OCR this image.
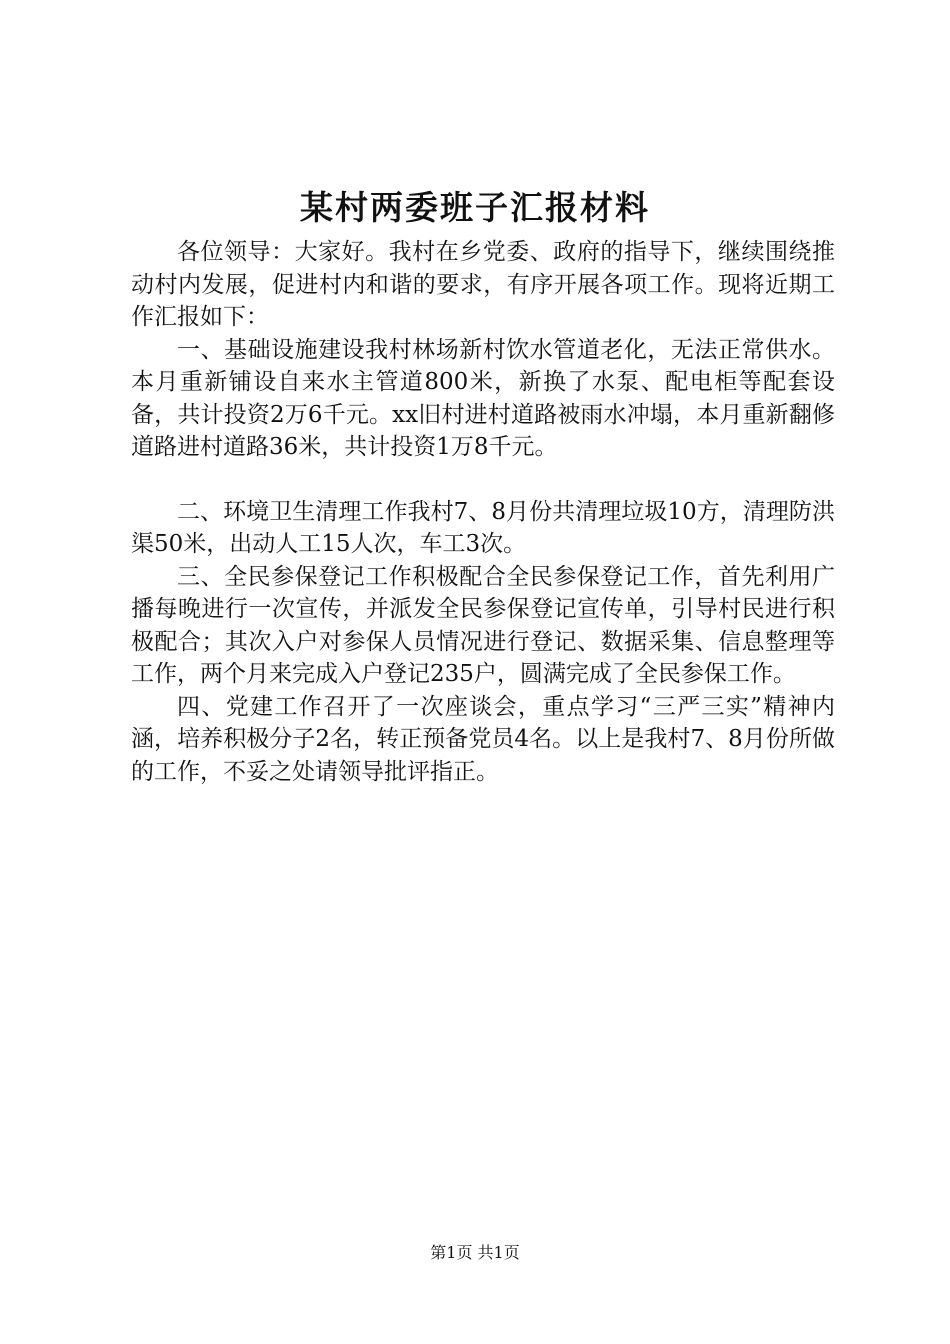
某村两委班子汇报材料

各位领导：大家好。我村在乡党委、政府的指导下，继续围绕推动村内发展，促进村内和谐的要求，有序开展各项工作。现将近期工作汇报如下：

一、基础设施建设我村林场新村饮水管道老化，无法正常供水。本月重新铺设自来水主管道800米，新换了水泵、配电柜等配套设备，共计投资2万6千元。xx旧村进村道路被雨水冲塌，本月重新翻修道路进村道路36米，共计投资1万8千元。

二、环境卫生清理工作我村7、8月份共清理垃圾10方，清理防洪渠50米，出动人工15人次，车工3次。

三、全民参保登记工作积极配合全民参保登记工作，首先利用广播每晚进行一次宣传，并派发全民参保登记宣传单，引导村民进行积极配合；其次入户对参保人员情况进行登记、数据采集、信息整理等工作，两个月来完成入户登记235户，圆满完成了全民参保工作。

四、党建工作召开了一次座谈会，重点学习“三严三实”精神内涵，培养积极分子2名，转正预备党员4名。以上是我村7、8月份所做的工作，不妥之处请领导批评指正。

第1页 共1页
